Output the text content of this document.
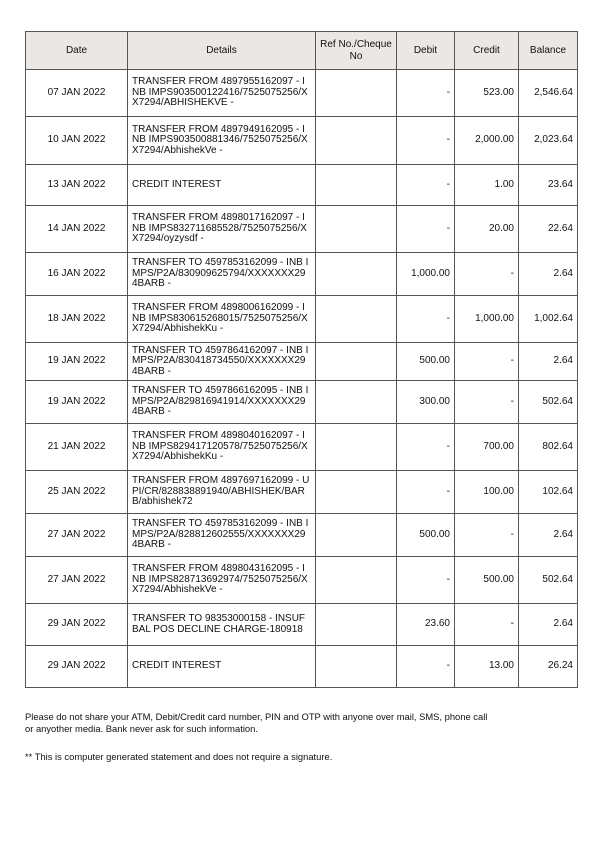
Date	Details	Ref No./Cheque No	Debit	Credit	Balance
07 JAN 2022	TRANSFER FROM 4897955162097 - INB IMPS903500122416/7525075256/XX7294/ABHISHEKVE -		-	523.00	2,546.64
10 JAN 2022	TRANSFER FROM 4897949162095 - INB IMPS903500881346/7525075256/XX7294/AbhishekVe -		-	2,000.00	2,023.64
13 JAN 2022	CREDIT INTEREST		-	1.00	23.64
14 JAN 2022	TRANSFER FROM 4898017162097 - INB IMPS832711685528/7525075256/XX7294/oyzysdf -		-	20.00	22.64
16 JAN 2022	TRANSFER TO 4597853162099 - INB IMPS/P2A/830909625794/XXXXXXX294BARB -		1,000.00	-	2.64
18 JAN 2022	TRANSFER FROM 4898006162099 - INB IMPS830615268015/7525075256/XX7294/AbhishekKu -		-	1,000.00	1,002.64
19 JAN 2022	TRANSFER TO 4597864162097 - INB IMPS/P2A/830418734550/XXXXXXX294BARB -		500.00	-	2.64
19 JAN 2022	TRANSFER TO 4597866162095 - INB IMPS/P2A/829816941914/XXXXXXX294BARB -		300.00	-	502.64
21 JAN 2022	TRANSFER FROM 4898040162097 - INB IMPS829417120578/7525075256/XX7294/AbhishekKu -		-	700.00	802.64
25 JAN 2022	TRANSFER FROM 4897697162099 - UPI/CR/828838891940/ABHISHEK/BARB/abhishek72		-	100.00	102.64
27 JAN 2022	TRANSFER TO 4597853162099 - INB IMPS/P2A/828812602555/XXXXXXX294BARB -		500.00	-	2.64
27 JAN 2022	TRANSFER FROM 4898043162095 - INB IMPS828713692974/7525075256/XX7294/AbhishekVe -		-	500.00	502.64
29 JAN 2022	TRANSFER TO 98353000158 - INSUF BAL POS DECLINE CHARGE-180918		23.60	-	2.64
29 JAN 2022	CREDIT INTEREST		-	13.00	26.24
Please do not share your ATM, Debit/Credit card number, PIN and OTP with anyone over mail, SMS, phone call or anyother media. Bank never ask for such information.
** This is computer generated statement and does not require a signature.
